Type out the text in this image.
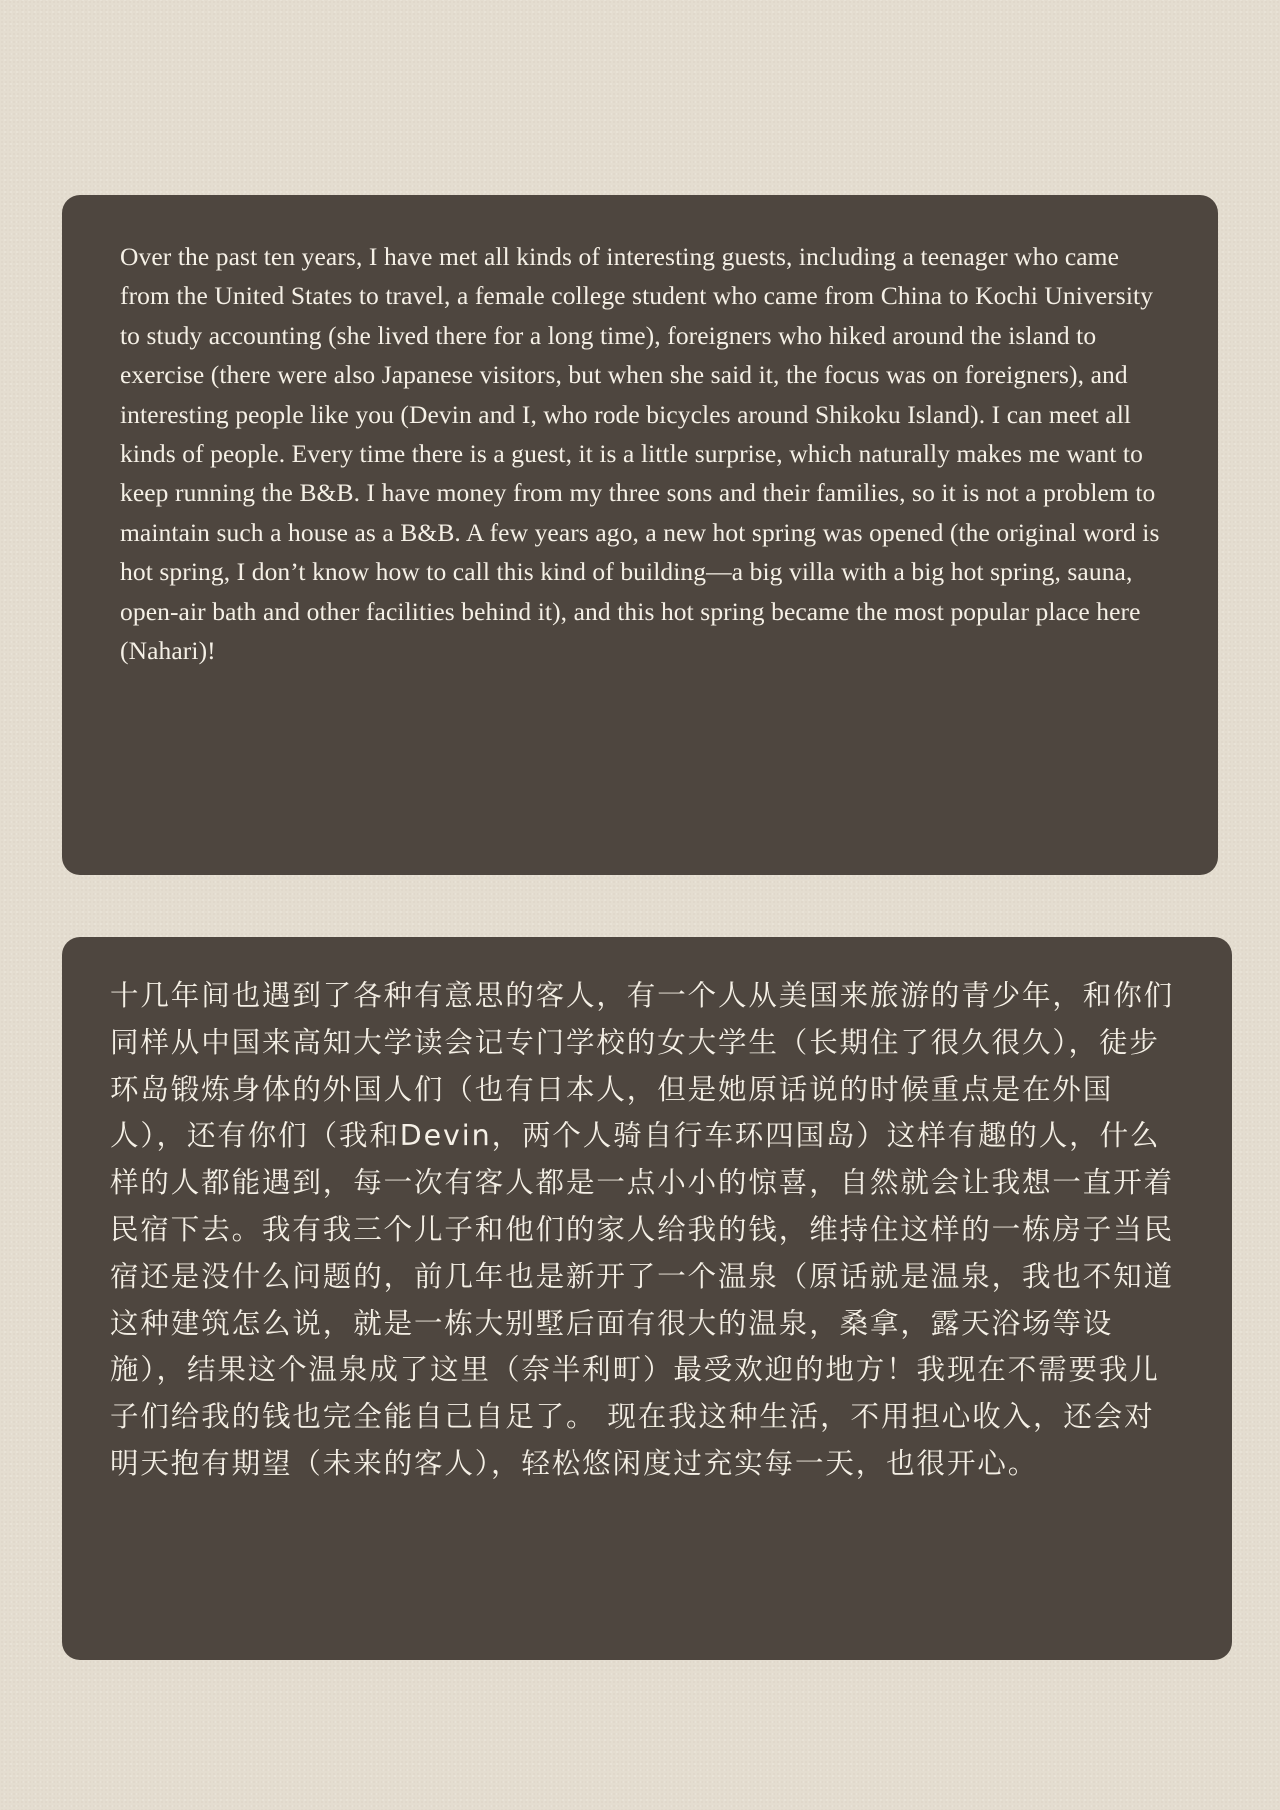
Over the past ten years, I have met all kinds of interesting guests, including a teenager who came from the United States to travel, a female college student who came from China to Kochi University to study accounting (she lived there for a long time), foreigners who hiked around the island to exercise (there were also Japanese visitors, but when she said it, the focus was on foreigners), and interesting people like you (Devin and I, who rode bicycles around Shikoku Island). I can meet all kinds of people. Every time there is a guest, it is a little surprise, which naturally makes me want to keep running the B&B. I have money from my three sons and their families, so it is not a problem to maintain such a house as a B&B. A few years ago, a new hot spring was opened (the original word is hot spring, I don’t know how to call this kind of building—a big villa with a big hot spring, sauna, open-air bath and other facilities behind it), and this hot spring became the most popular place here (Nahari)!

十几年间也遇到了各种有意思的客人，有一个人从美国来旅游的青少年，和你们同样从中国来高知大学读会记专门学校的女大学生（长期住了很久很久），徒步环岛锻炼身体的外国人们（也有日本人，但是她原话说的时候重点是在外国人），还有你们（我和Devin，两个人骑自行车环四国岛）这样有趣的人，什么样的人都能遇到，每一次有客人都是一点小小的惊喜，自然就会让我想一直开着民宿下去。我有我三个儿子和他们的家人给我的钱，维持住这样的一栋房子当民宿还是没什么问题的，前几年也是新开了一个温泉（原话就是温泉，我也不知道这种建筑怎么说，就是一栋大别墅后面有很大的温泉，桑拿，露天浴场等设施），结果这个温泉成了这里（奈半利町）最受欢迎的地方！我现在不需要我儿子们给我的钱也完全能自己自足了。 现在我这种生活，不用担心收入，还会对明天抱有期望（未来的客人），轻松悠闲度过充实每一天，也很开心。
